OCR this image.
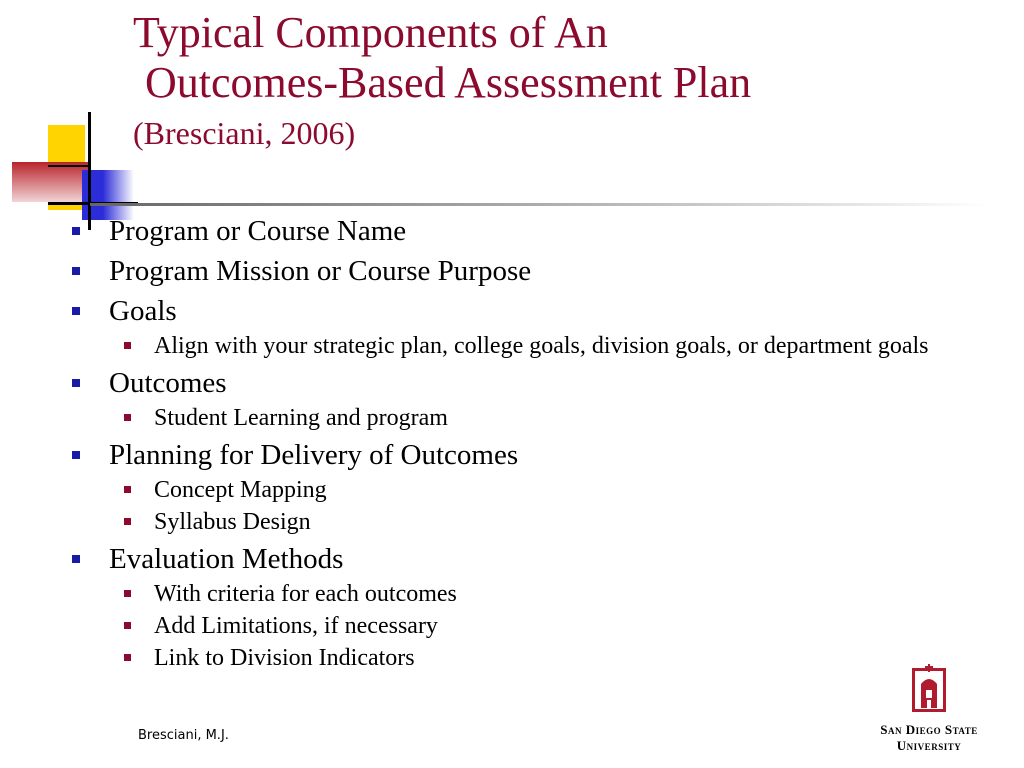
Typical Components of An
Outcomes-Based Assessment Plan
(Bresciani, 2006)
Program or Course Name
Program Mission or Course Purpose
Goals
Align with your strategic plan, college goals, division goals, or department goals
Outcomes
Student Learning and program
Planning for Delivery of Outcomes
Concept Mapping
Syllabus Design
Evaluation Methods
With criteria for each outcomes
Add Limitations, if necessary
Link to Division Indicators
Bresciani, M.J.	San Diego State
University
